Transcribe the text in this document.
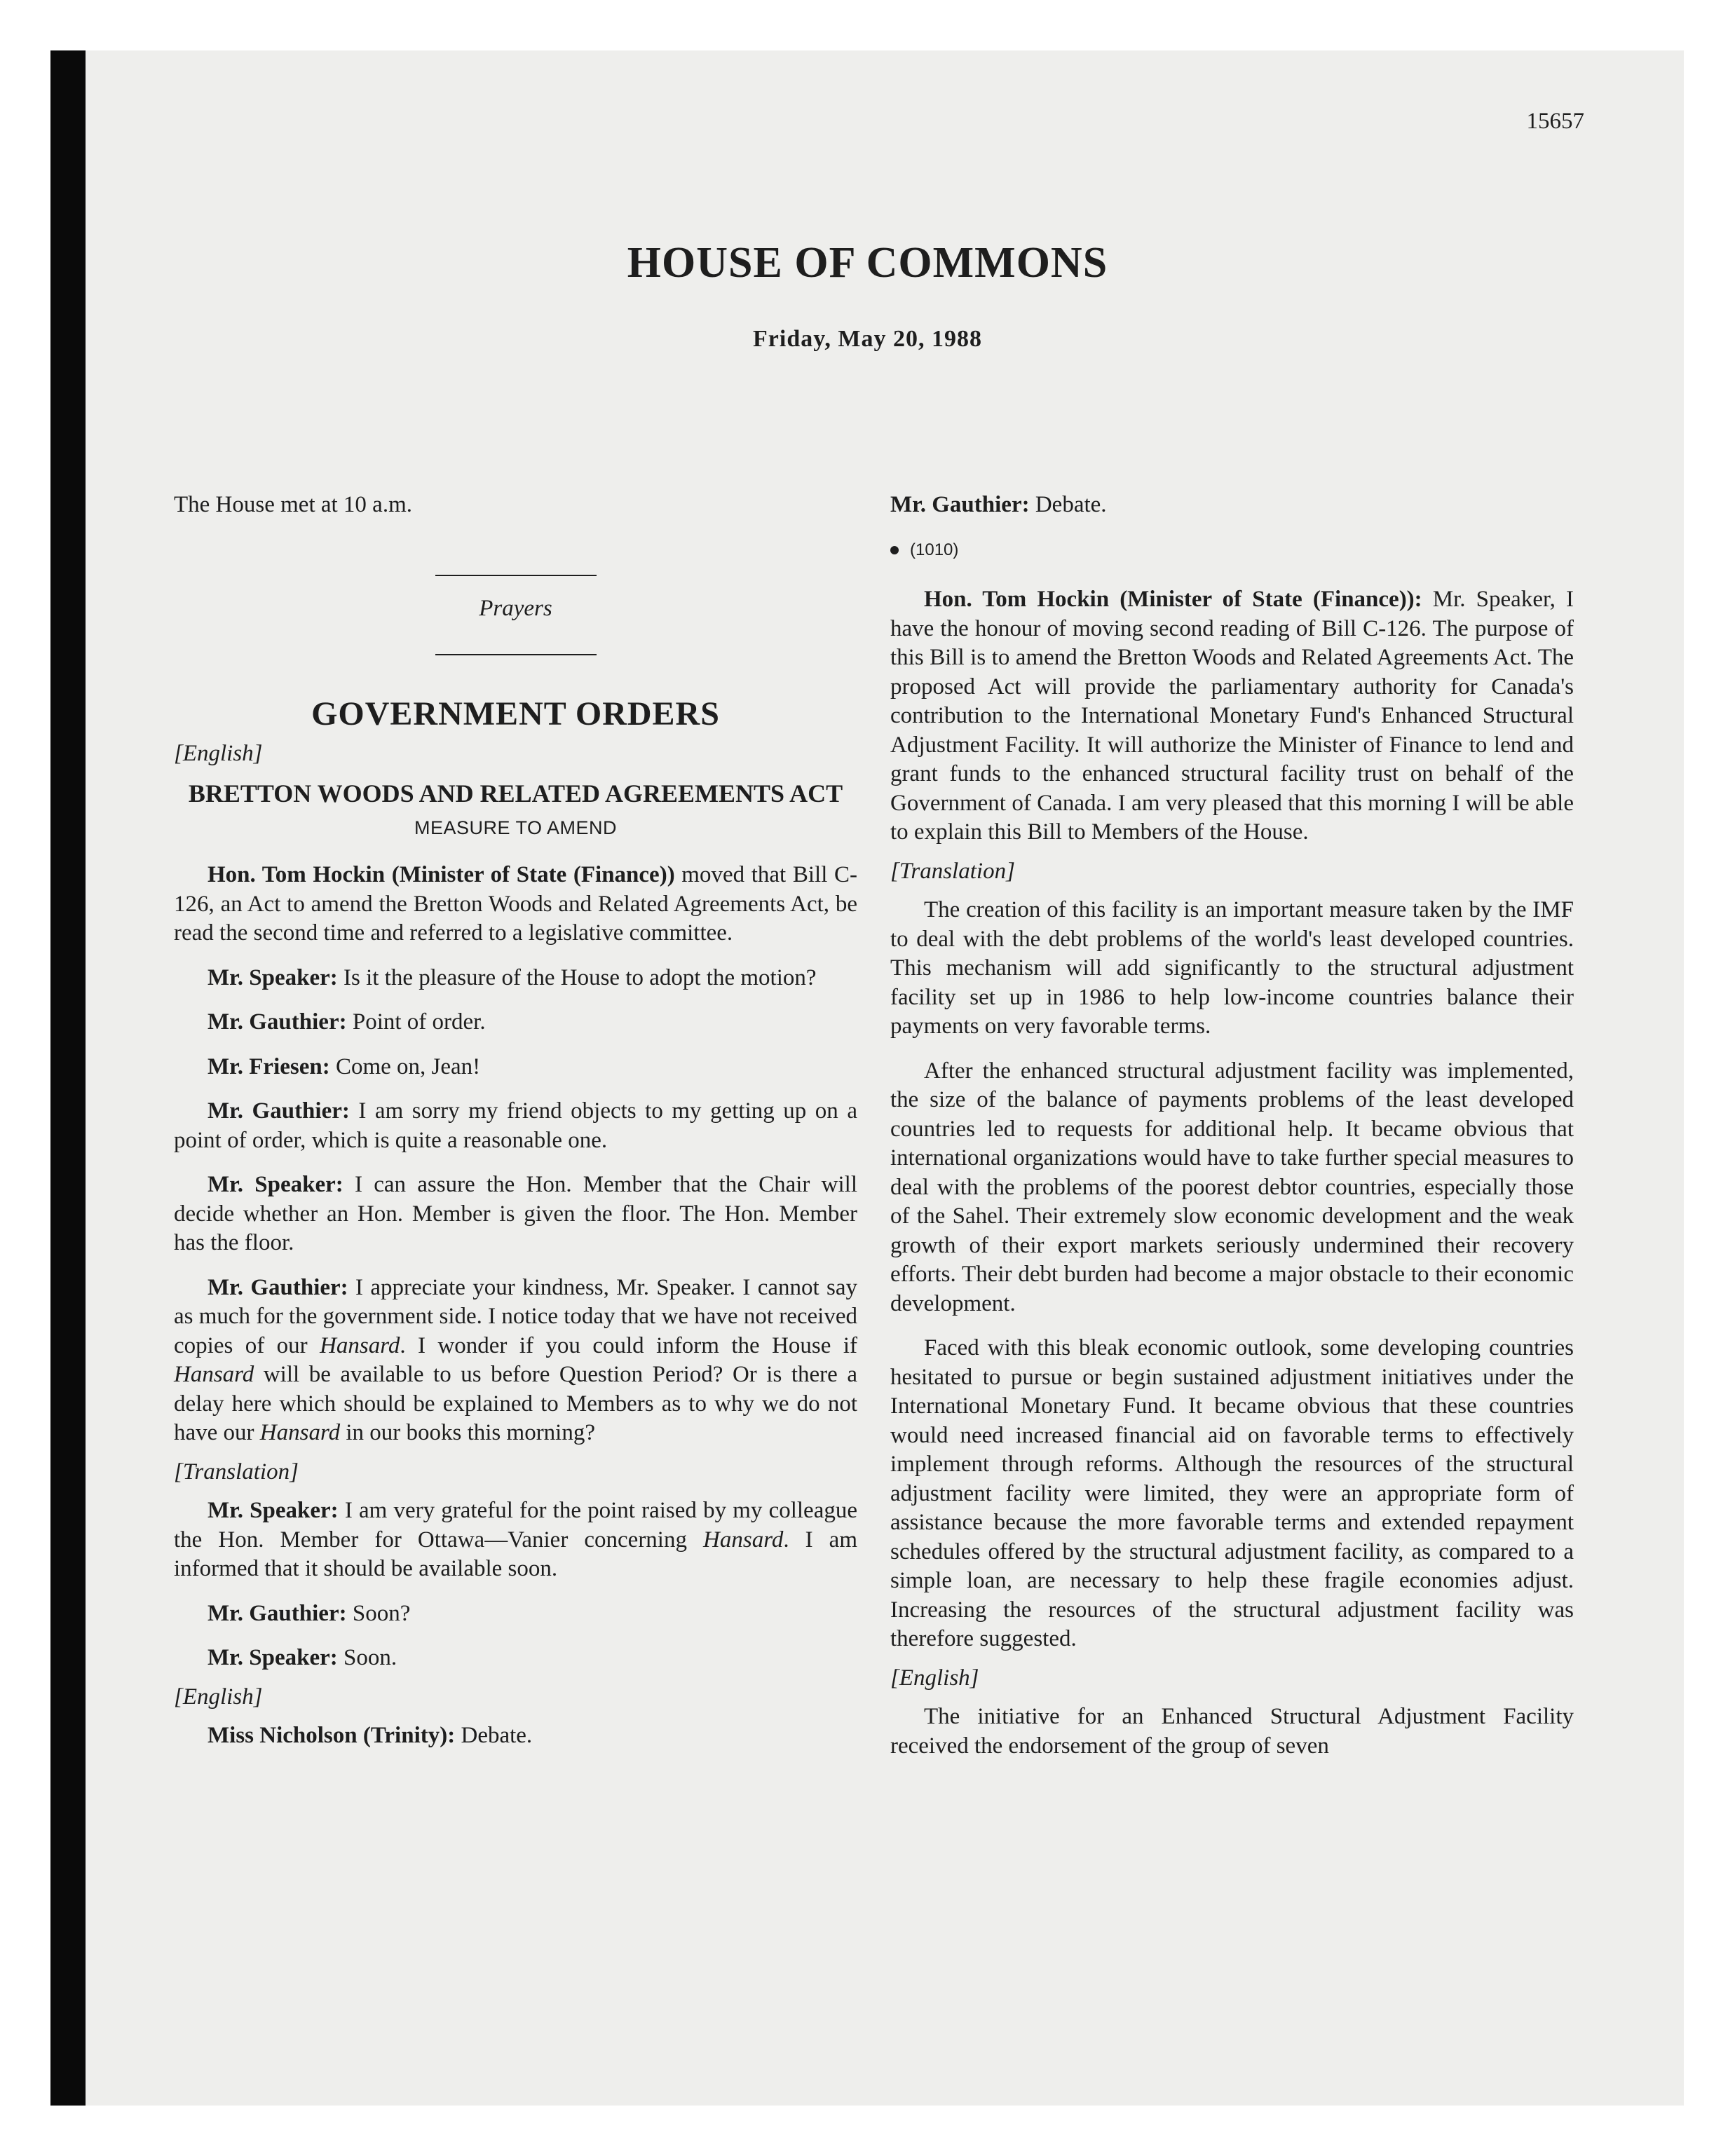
15657
HOUSE OF COMMONS
Friday, May 20, 1988

The House met at 10 a.m.

Prayers
GOVERNMENT ORDERS
[English]
BRETTON WOODS AND RELATED AGREEMENTS ACT
MEASURE TO AMEND

Hon. Tom Hockin (Minister of State (Finance)) moved that Bill C-126, an Act to amend the Bretton Woods and Related Agreements Act, be read the second time and referred to a legislative committee.

Mr. Speaker: Is it the pleasure of the House to adopt the motion?

Mr. Gauthier: Point of order.

Mr. Friesen: Come on, Jean!

Mr. Gauthier: I am sorry my friend objects to my getting up on a point of order, which is quite a reasonable one.

Mr. Speaker: I can assure the Hon. Member that the Chair will decide whether an Hon. Member is given the floor. The Hon. Member has the floor.

Mr. Gauthier: I appreciate your kindness, Mr. Speaker. I cannot say as much for the government side. I notice today that we have not received copies of our Hansard. I wonder if you could inform the House if Hansard will be available to us before Question Period? Or is there a delay here which should be explained to Members as to why we do not have our Hansard in our books this morning?

[Translation]

Mr. Speaker: I am very grateful for the point raised by my colleague the Hon. Member for Ottawa—Vanier concerning Hansard. I am informed that it should be available soon.

Mr. Gauthier: Soon?

Mr. Speaker: Soon.

[English]

Miss Nicholson (Trinity): Debate.

Mr. Gauthier: Debate.

(1010)

Hon. Tom Hockin (Minister of State (Finance)): Mr. Speaker, I have the honour of moving second reading of Bill C-126. The purpose of this Bill is to amend the Bretton Woods and Related Agreements Act. The proposed Act will provide the parliamentary authority for Canada's contribution to the International Monetary Fund's Enhanced Structural Adjustment Facility. It will authorize the Minister of Finance to lend and grant funds to the enhanced structural facility trust on behalf of the Government of Canada. I am very pleased that this morning I will be able to explain this Bill to Members of the House.

[Translation]

The creation of this facility is an important measure taken by the IMF to deal with the debt problems of the world's least developed countries. This mechanism will add significantly to the structural adjustment facility set up in 1986 to help low-income countries balance their payments on very favorable terms.

After the enhanced structural adjustment facility was implemented, the size of the balance of payments problems of the least developed countries led to requests for additional help. It became obvious that international organizations would have to take further special measures to deal with the problems of the poorest debtor countries, especially those of the Sahel. Their extremely slow economic development and the weak growth of their export markets seriously undermined their recovery efforts. Their debt burden had become a major obstacle to their economic development.

Faced with this bleak economic outlook, some developing countries hesitated to pursue or begin sustained adjustment initiatives under the International Monetary Fund. It became obvious that these countries would need increased financial aid on favorable terms to effectively implement through reforms. Although the resources of the structural adjustment facility were limited, they were an appropriate form of assistance because the more favorable terms and extended repayment schedules offered by the structural adjustment facility, as compared to a simple loan, are necessary to help these fragile economies adjust. Increasing the resources of the structural adjustment facility was therefore suggested.

[English]

The initiative for an Enhanced Structural Adjustment Facility received the endorsement of the group of seven
